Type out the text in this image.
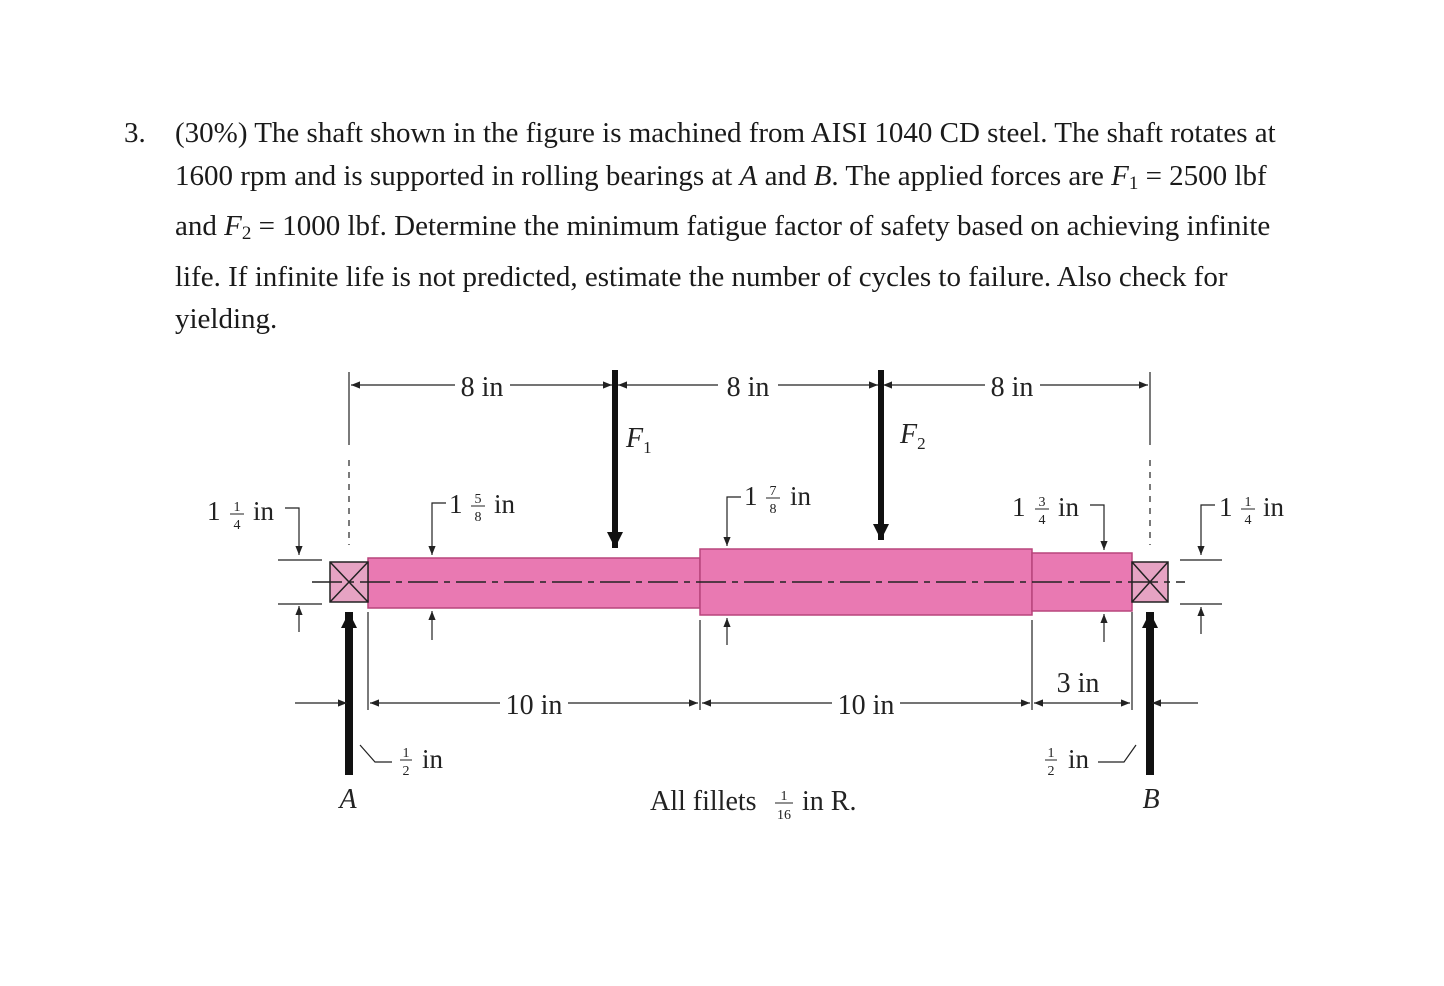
3. (30%) The shaft shown in the figure is machined from AISI 1040 CD steel. The shaft rotates at 1600 rpm and is supported in rolling bearings at A and B. The applied forces are $F_1 = 2500$ lbf and $F_2 = 1000$ lbf. Determine the minimum fatigue factor of safety based on achieving infinite life. If infinite life is not predicted, estimate the number of cycles to failure. Also check for yielding.
8 in	8 in	8 in
$F_1$	$F_2$
1 1
4 in	1 5
8 in	1 7
8 in	1 3
4 in	1 1
4 in
10 in	10 in
3 in
1
2 in	1
2 in
A	B
All fillets 1
16 in R.
